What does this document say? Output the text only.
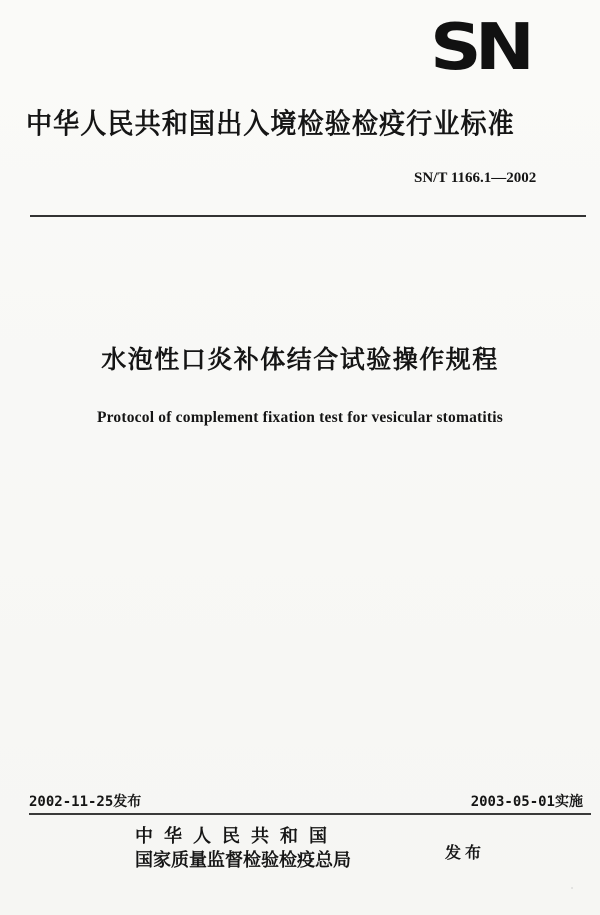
SN
中华人民共和国出入境检验检疫行业标准
SN/T 1166.1—2002
水泡性口炎补体结合试验操作规程
Protocol of complement fixation test for vesicular stomatitis
2002-11-25发布	2003-05-01实施
中华人民共和国
国家质量监督检验检疫总局	发布
·
